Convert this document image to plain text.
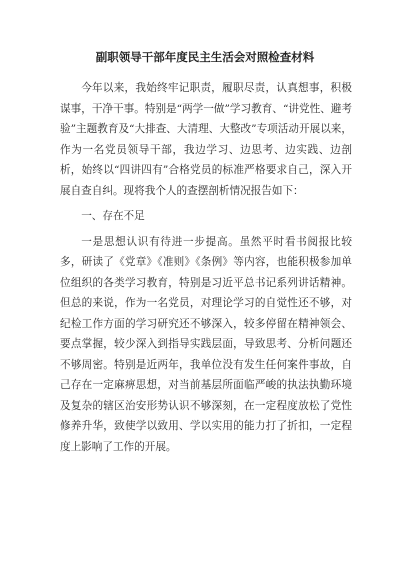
副职领导干部年度民主生活会对照检查材料

今年以来，我始终牢记职责，履职尽责，认真想事，积极谋事，干净干事。特别是“两学一做”学习教育、“讲党性、避考验”主题教育及“大排查、大清理、大整改”专项活动开展以来，作为一名党员领导干部，我边学习、边思考、边实践、边剖析，始终以“四讲四有”合格党员的标准严格要求自己，深入开展自查自纠。现将我个人的查摆剖析情况报告如下：

一、存在不足

一是思想认识有待进一步提高。虽然平时看书阅报比较多，研读了《党章》《准则》《条例》等内容，也能积极参加单位组织的各类学习教育，特别是习近平总书记系列讲话精神。但总的来说，作为一名党员，对理论学习的自觉性还不够，对纪检工作方面的学习研究还不够深入，较多停留在精神领会、要点掌握，较少深入到指导实践层面，导致思考、分析问题还不够周密。特别是近两年，我单位没有发生任何案件事故，自己存在一定麻痹思想，对当前基层所面临严峻的执法执勤环境及复杂的辖区治安形势认识不够深刻，在一定程度放松了党性修养升华，致使学以致用、学以实用的能力打了折扣，一定程度上影响了工作的开展。
